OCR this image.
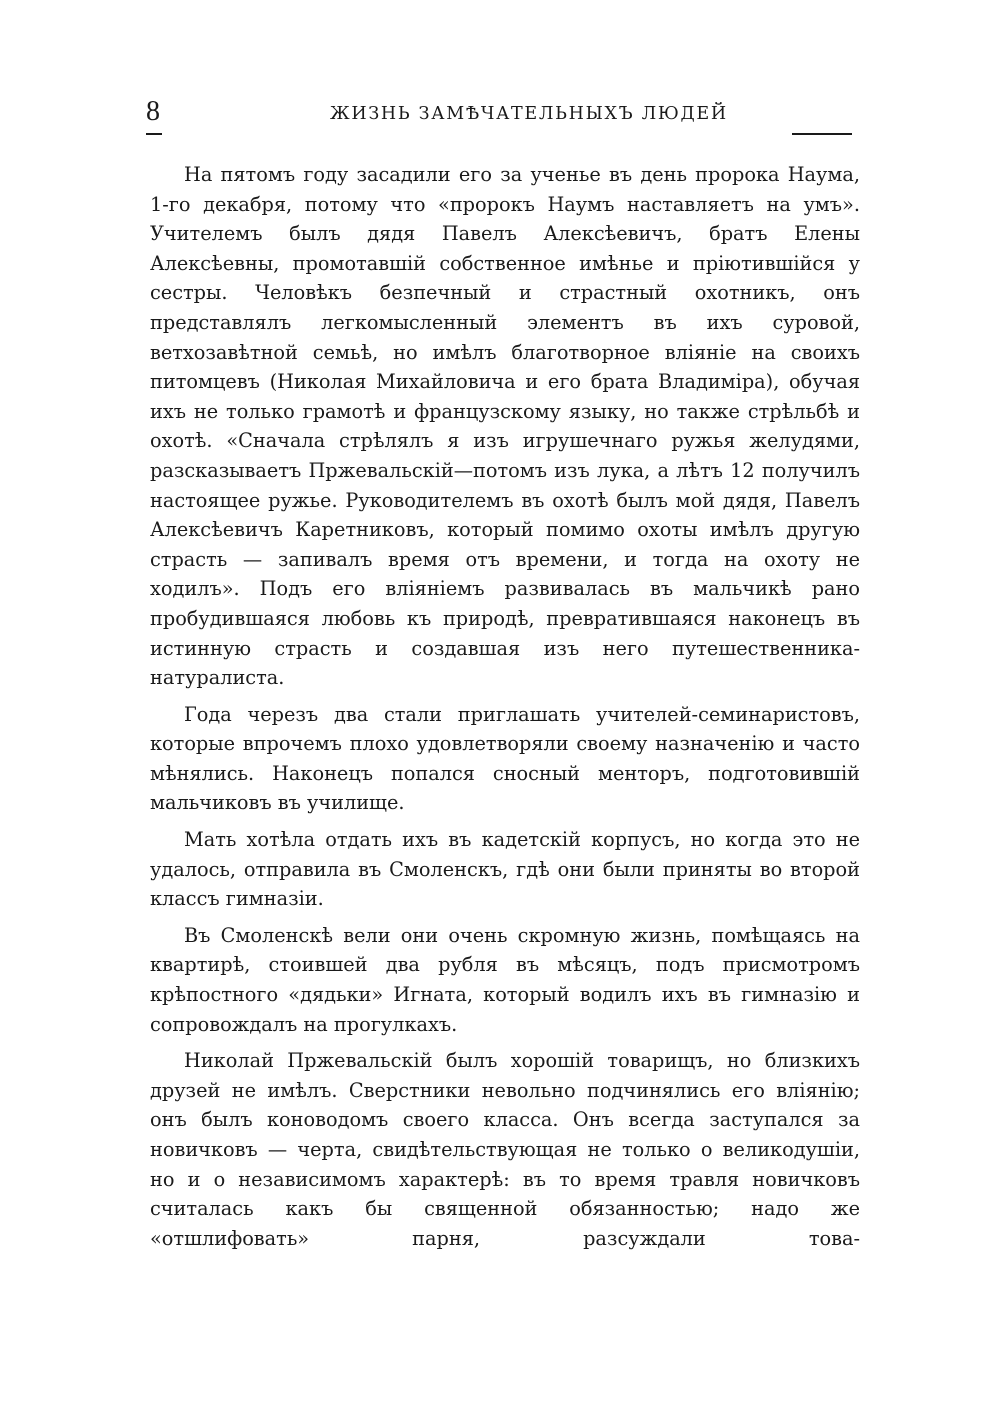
8	ЖИЗНЬ ЗАМѢЧАТЕЛЬНЫХЪ ЛЮДЕЙ

На пятомъ году засадили его за ученье въ день пророка Наума, 1-го декабря, потому что «пророкъ Наумъ наставляетъ на умъ». Учителемъ былъ дядя Павелъ Алексѣевичъ, братъ Елены Алексѣевны, промотавшій собственное имѣнье и пріютившійся у сестры. Человѣкъ безпечный и страстный охотникъ, онъ представлялъ легкомысленный элементъ въ ихъ суровой, ветхозавѣтной семьѣ, но имѣлъ благотворное вліяніе на своихъ питомцевъ (Николая Михайловича и его брата Владиміра), обучая ихъ не только грамотѣ и французскому языку, но также стрѣльбѣ и охотѣ. «Сначала стрѣлялъ я изъ игрушечнаго ружья желудями, разсказываетъ Пржевальскій—потомъ изъ лука, а лѣтъ 12 получилъ настоящее ружье. Руководителемъ въ охотѣ былъ мой дядя, Павелъ Алексѣевичъ Каретниковъ, который помимо охоты имѣлъ другую страсть — запивалъ время отъ времени, и тогда на охоту не ходилъ». Подъ его вліяніемъ развивалась въ мальчикѣ рано пробудившаяся любовь къ природѣ, превратившаяся наконецъ въ истинную страсть и создавшая изъ него путешественника-натуралиста.

Года черезъ два стали приглашать учителей-семинаристовъ, которые впрочемъ плохо удовлетворяли своему назначенію и часто мѣнялись. Наконецъ попался сносный менторъ, подготовившій мальчиковъ въ училище.

Мать хотѣла отдать ихъ въ кадетскій корпусъ, но когда это не удалось, отправила въ Смоленскъ, гдѣ они были приняты во второй классъ гимназіи.

Въ Смоленскѣ вели они очень скромную жизнь, помѣщаясь на квартирѣ, стоившей два рубля въ мѣсяцъ, подъ присмотромъ крѣпостного «дядьки» Игната, который водилъ ихъ въ гимназію и сопровождалъ на прогулкахъ.

Николай Пржевальскій былъ хорошій товарищъ, но близкихъ друзей не имѣлъ. Сверстники невольно подчинялись его вліянію; онъ былъ коноводомъ своего класса. Онъ всегда заступался за новичковъ — черта, свидѣтельствующая не только о великодушіи, но и о независимомъ характерѣ: въ то время травля новичковъ считалась какъ бы священной обязанностью; надо же «отшлифовать» парня, разсуждали това-
